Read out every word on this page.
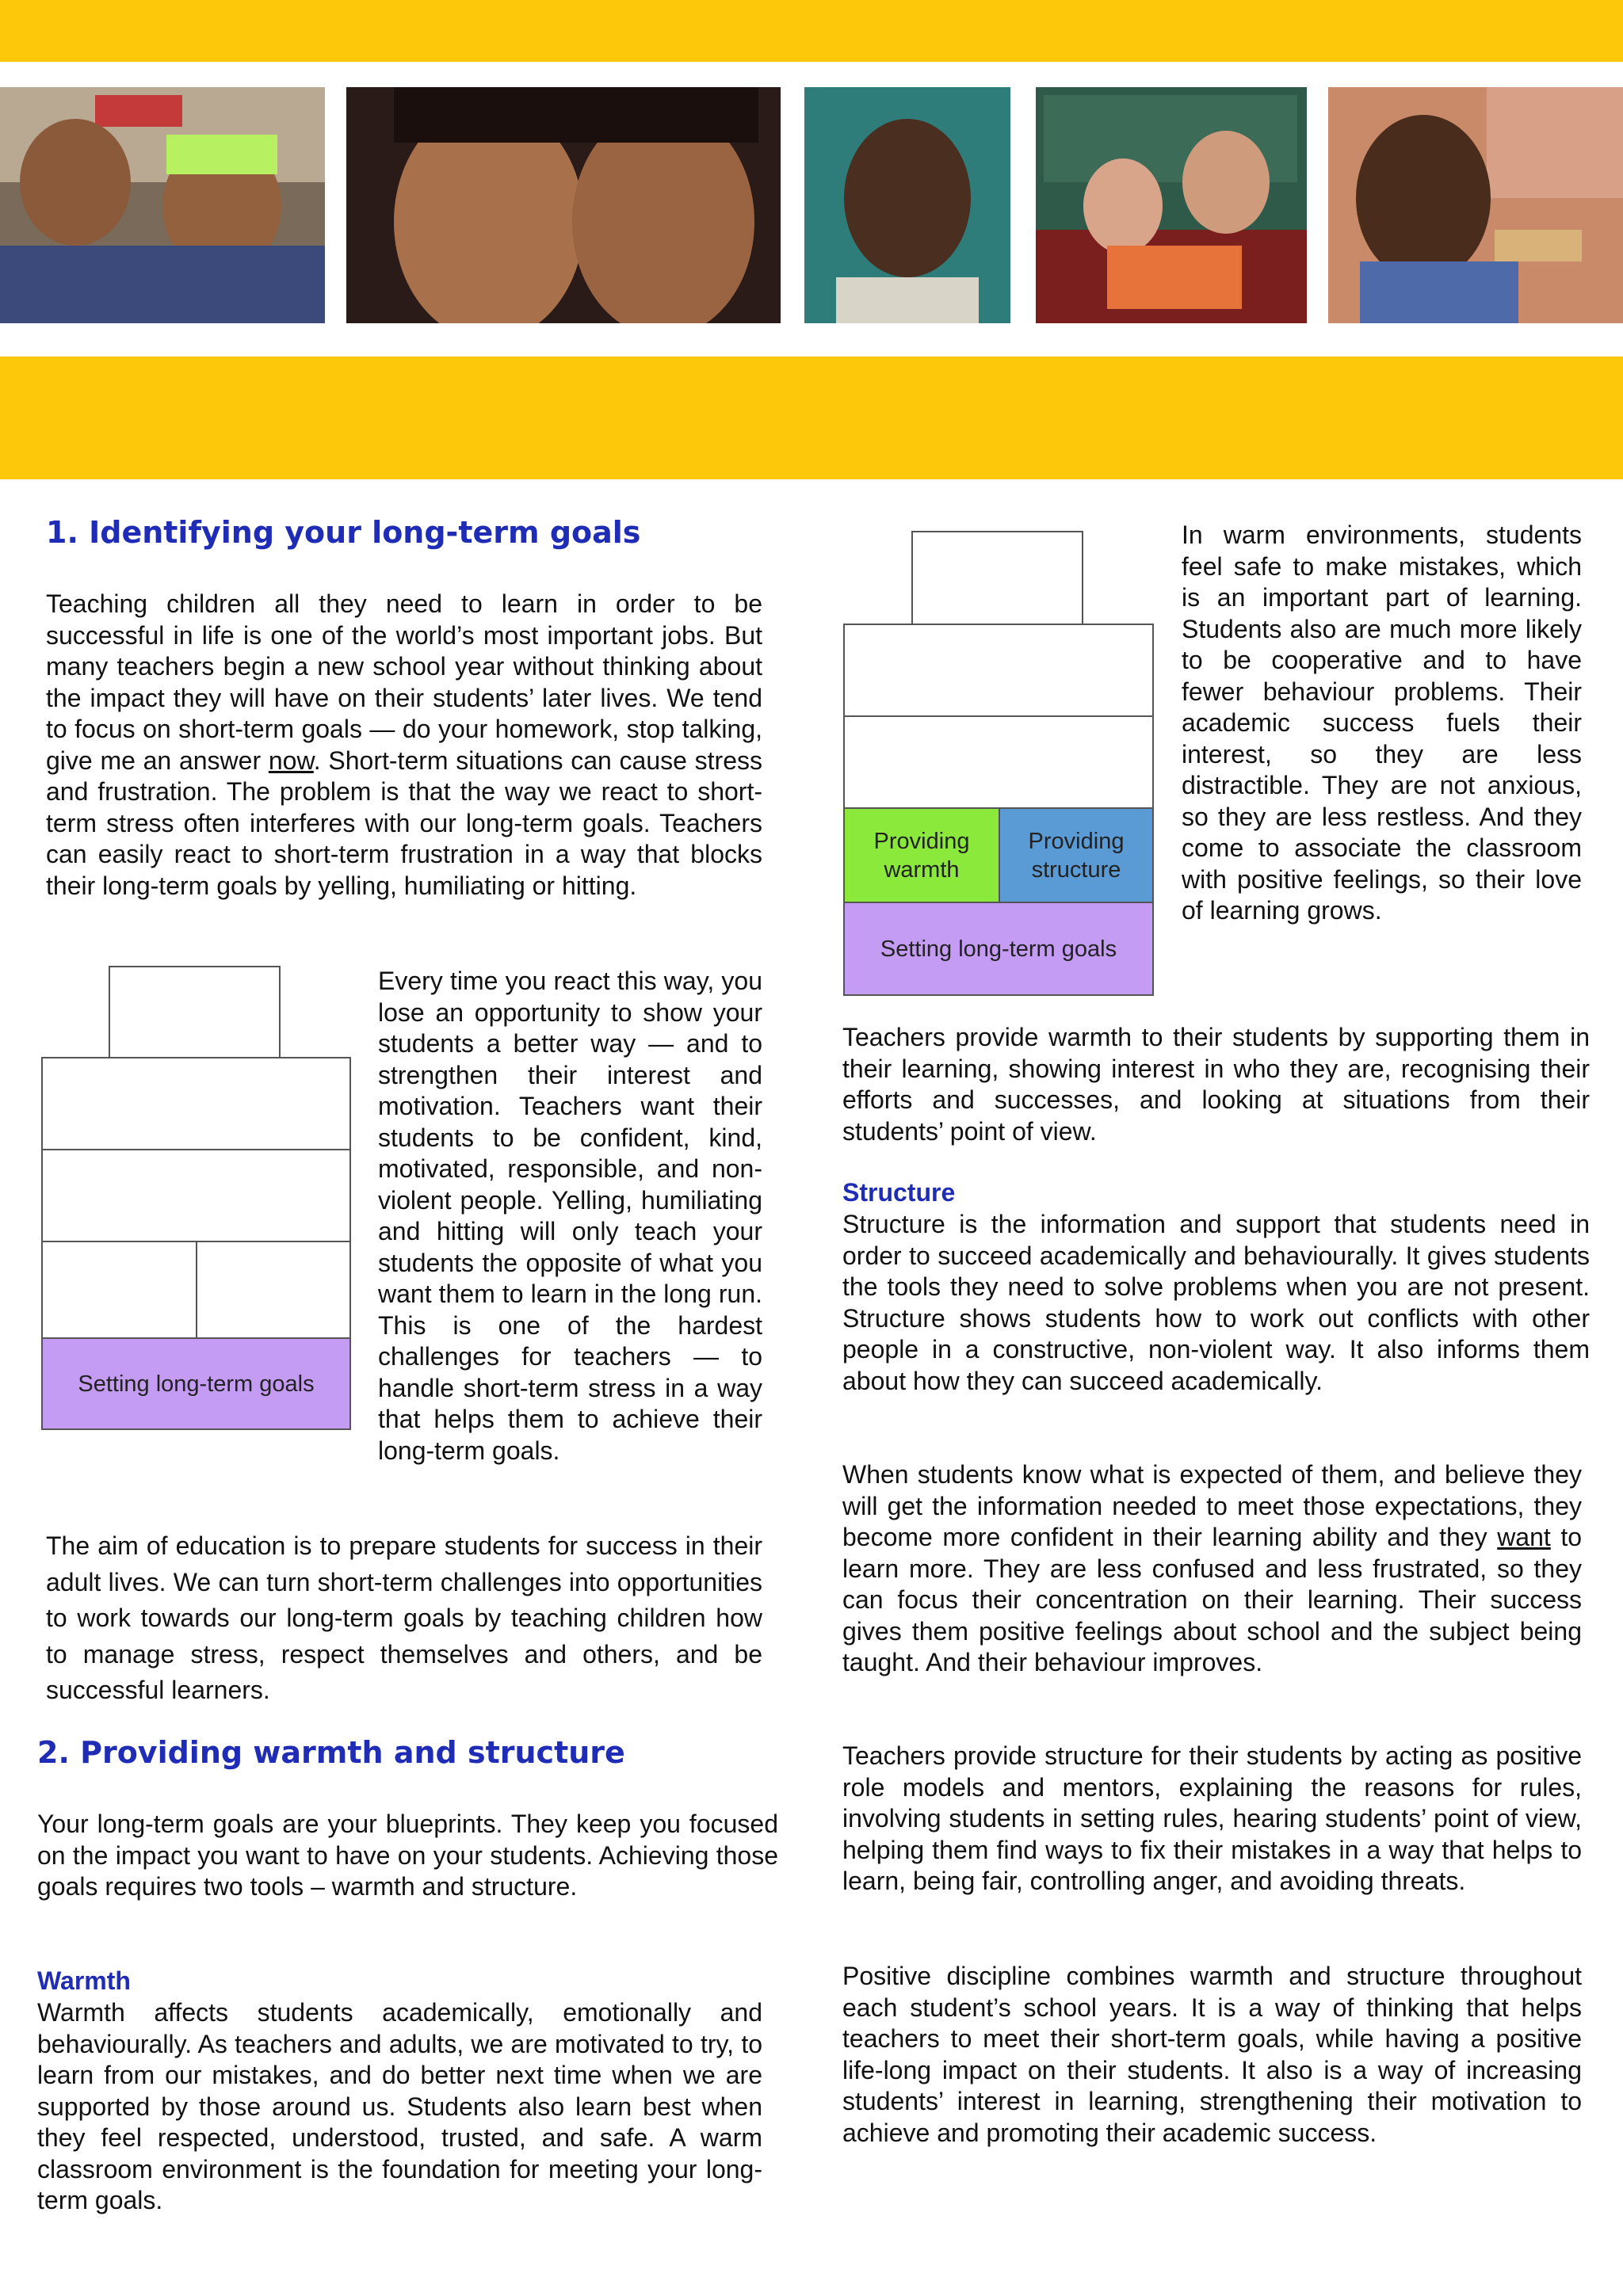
1. Identifying your long-term goals

Teaching children all they need to learn in order to be successful in life is one of the world’s most important jobs. But many teachers begin a new school year without thinking about the impact they will have on their students’ later lives. We tend to focus on short-term goals — do your homework, stop talking, give me an answer now. Short-term situations can cause stress and frustration. The problem is that the way we react to short-term stress often interferes with our long-term goals. Teachers can easily react to short-term frustration in a way that blocks their long-term goals by yelling, humiliating or hitting.

Setting long-term goals

Every time you react this way, you lose an opportunity to show your students a better way — and to strengthen their interest and motivation. Teachers want their students to be confident, kind, motivated, responsible, and non-violent people. Yelling, humiliating and hitting will only teach your students the opposite of what you want them to learn in the long run. This is one of the hardest challenges for teachers — to handle short-term stress in a way that helps them to achieve their long-term goals.

The aim of education is to prepare students for success in their adult lives. We can turn short-term challenges into opportunities to work towards our long-term goals by teaching children how to manage stress, respect themselves and others, and be successful learners.

2. Providing warmth and structure

Your long-term goals are your blueprints. They keep you focused on the impact you want to have on your students. Achieving those goals requires two tools – warmth and structure.

Warmth

Warmth affects students academically, emotionally and behaviourally. As teachers and adults, we are motivated to try, to learn from our mistakes, and do better next time when we are supported by those around us. Students also learn best when they feel respected, understood, trusted, and safe. A warm classroom environment is the foundation for meeting your long-term goals.

Providing warmth
Providing structure
Setting long-term goals

In warm environments, students feel safe to make mistakes, which is an important part of learning. Students also are much more likely to be cooperative and to have fewer behaviour problems. Their academic success fuels their interest, so they are less distractible. They are not anxious, so they are less restless. And they come to associate the classroom with positive feelings, so their love of learning grows.

Teachers provide warmth to their students by supporting them in their learning, showing interest in who they are, recognising their efforts and successes, and looking at situations from their students’ point of view.

Structure

Structure is the information and support that students need in order to succeed academically and behaviourally. It gives students the tools they need to solve problems when you are not present. Structure shows students how to work out conflicts with other people in a constructive, non-violent way. It also informs them about how they can succeed academically.

When students know what is expected of them, and believe they will get the information needed to meet those expectations, they become more confident in their learning ability and they want to learn more. They are less confused and less frustrated, so they can focus their concentration on their learning. Their success gives them positive feelings about school and the subject being taught. And their behaviour improves.

Teachers provide structure for their students by acting as positive role models and mentors, explaining the reasons for rules, involving students in setting rules, hearing students’ point of view, helping them find ways to fix their mistakes in a way that helps to learn, being fair, controlling anger, and avoiding threats.

Positive discipline combines warmth and structure throughout each student’s school years. It is a way of thinking that helps teachers to meet their short-term goals, while having a positive life-long impact on their students. It also is a way of increasing students’ interest in learning, strengthening their motivation to achieve and promoting their academic success.
